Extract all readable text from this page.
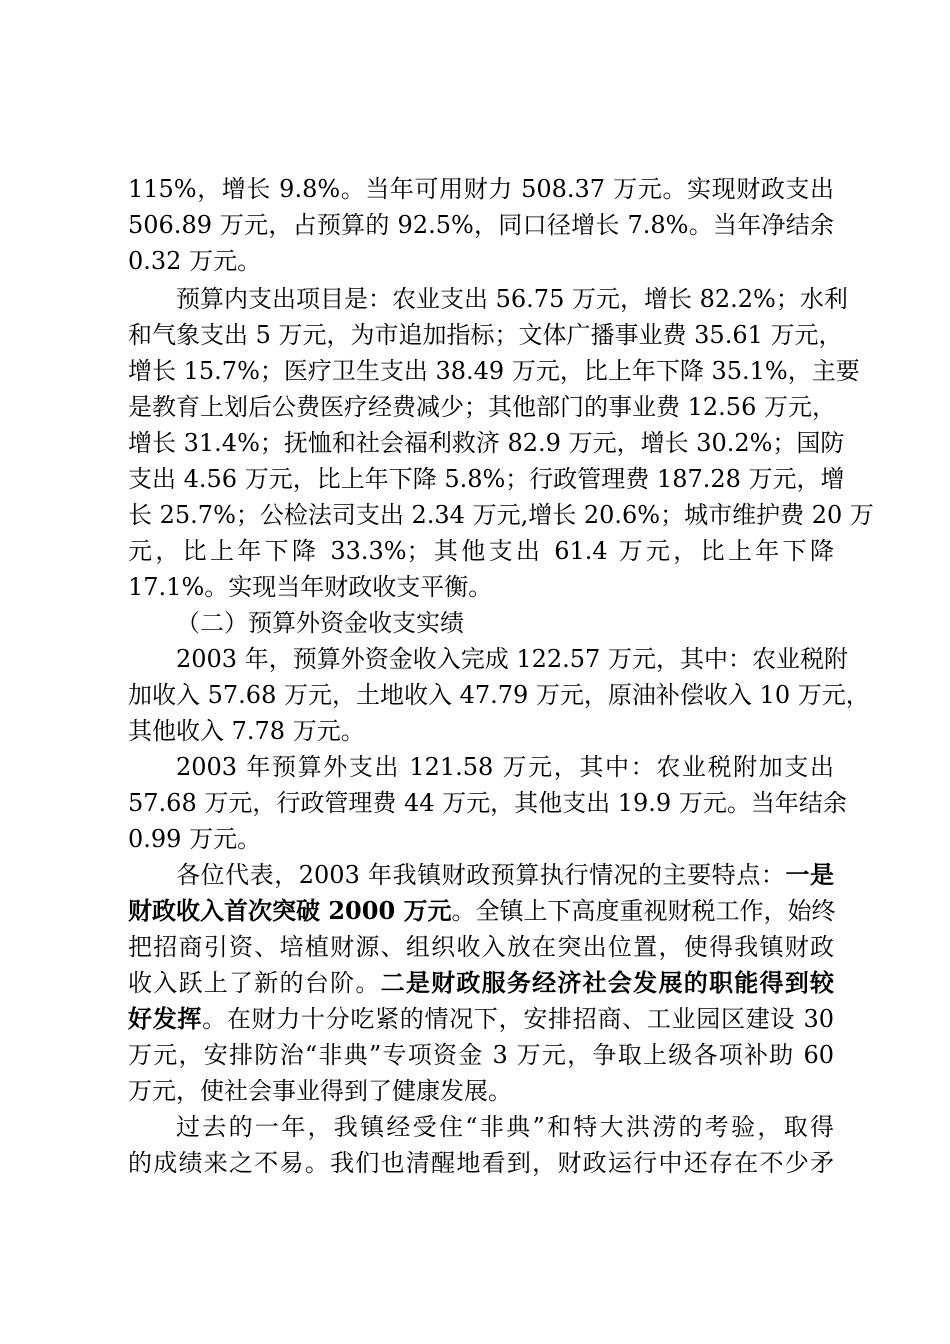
115%，增长 9.8%。当年可用财力 508.37 万元。实现财政支出
506.89 万元，占预算的 92.5%，同口径增长 7.8%。当年净结余
0.32 万元。
预算内支出项目是：农业支出 56.75 万元，增长 82.2%；水利
和气象支出 5 万元，为市追加指标；文体广播事业费 35.61 万元，
增长 15.7%；医疗卫生支出 38.49 万元，比上年下降 35.1%，主要
是教育上划后公费医疗经费减少；其他部门的事业费 12.56 万元，
增长 31.4%；抚恤和社会福利救济 82.9 万元，增长 30.2%；国防
支出 4.56 万元，比上年下降 5.8%；行政管理费 187.28 万元，增
长 25.7%；公检法司支出 2.34 万元,增长 20.6%；城市维护费 20 万
元，比上年下降 33.3%；其他支出 61.4 万元，比上年下降
17.1%。实现当年财政收支平衡。
（二）预算外资金收支实绩
2003 年，预算外资金收入完成 122.57 万元，其中：农业税附
加收入 57.68 万元，土地收入 47.79 万元，原油补偿收入 10 万元，
其他收入 7.78 万元。
2003 年预算外支出 121.58 万元，其中：农业税附加支出
57.68 万元，行政管理费 44 万元，其他支出 19.9 万元。当年结余
0.99 万元。
各位代表，2003 年我镇财政预算执行情况的主要特点：一是
财政收入首次突破 2000 万元。全镇上下高度重视财税工作，始终
把招商引资、培植财源、组织收入放在突出位置，使得我镇财政
收入跃上了新的台阶。二是财政服务经济社会发展的职能得到较
好发挥。在财力十分吃紧的情况下，安排招商、工业园区建设 30
万元，安排防治“非典”专项资金 3 万元，争取上级各项补助 60
万元，使社会事业得到了健康发展。
过去的一年，我镇经受住“非典”和特大洪涝的考验，取得
的成绩来之不易。我们也清醒地看到，财政运行中还存在不少矛
